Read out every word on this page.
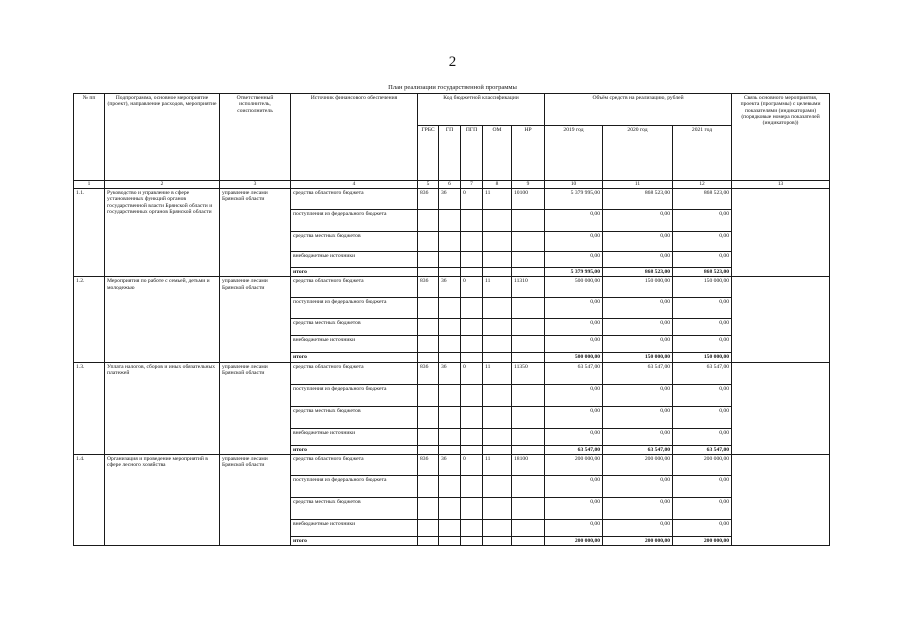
2
План реализации государственной программы
№ пп	Подпрограмма, основное мероприятие (проект), направление расходов, мероприятие	Ответственный исполнитель, соисполнитель	Источник финансового обеспечения	Код бюджетной классификации					Объём средств на реализацию, рублей			Связь основного мероприятия, проекта (программы) с целевыми показателями (индикаторами) (порядковые номера показателей (индикаторов))
				ГРБС	ГП	ПГП	ОМ	НР	2019 год	2020 год	2021 год	
1	2	3	4	5	6	7	8	9	10	11	12	13
1.1.	Руководство и управление в сфере установленных функций органов государственной власти Брянской области и государственных органов Брянской области	управление лесами Брянской области	средства областного бюджета	836	36	0	11	10100	5 379 995,00	868 523,00	868 523,00	
			поступления из федерального бюджета						0,00	0,00	0,00	
			средства местных бюджетов						0,00	0,00	0,00	
			внебюджетные источники						0,00	0,00	0,00	
			итого						5 379 995,00	868 523,00	868 523,00	
1.2.	Мероприятия по работе с семьей, детьми и молодежью	управление лесами Брянской области	средства областного бюджета	836	36	0	11	11310	500 000,00	150 000,00	150 000,00	
			поступления из федерального бюджета						0,00	0,00	0,00	
			средства местных бюджетов						0,00	0,00	0,00	
			внебюджетные источники						0,00	0,00	0,00	
			итого						500 000,00	150 000,00	150 000,00	
1.3.	Уплата налогов, сборов и иных обязательных платежей	управление лесами Брянской области	средства областного бюджета	836	36	0	11	11350	63 547,00	63 547,00	63 547,00	
			поступления из федерального бюджета						0,00	0,00	0,00	
			средства местных бюджетов						0,00	0,00	0,00	
			внебюджетные источники						0,00	0,00	0,00	
			итого						63 547,00	63 547,00	63 547,00	
1.4.	Организация и проведение мероприятий в сфере лесного хозяйства	управление лесами Брянской области	средства областного бюджета	836	36	0	11	18100	200 000,00	200 000,00	200 000,00	
			поступления из федерального бюджета						0,00	0,00	0,00	
			средства местных бюджетов						0,00	0,00	0,00	
			внебюджетные источники						0,00	0,00	0,00	
			итого						200 000,00	200 000,00	200 000,00	
